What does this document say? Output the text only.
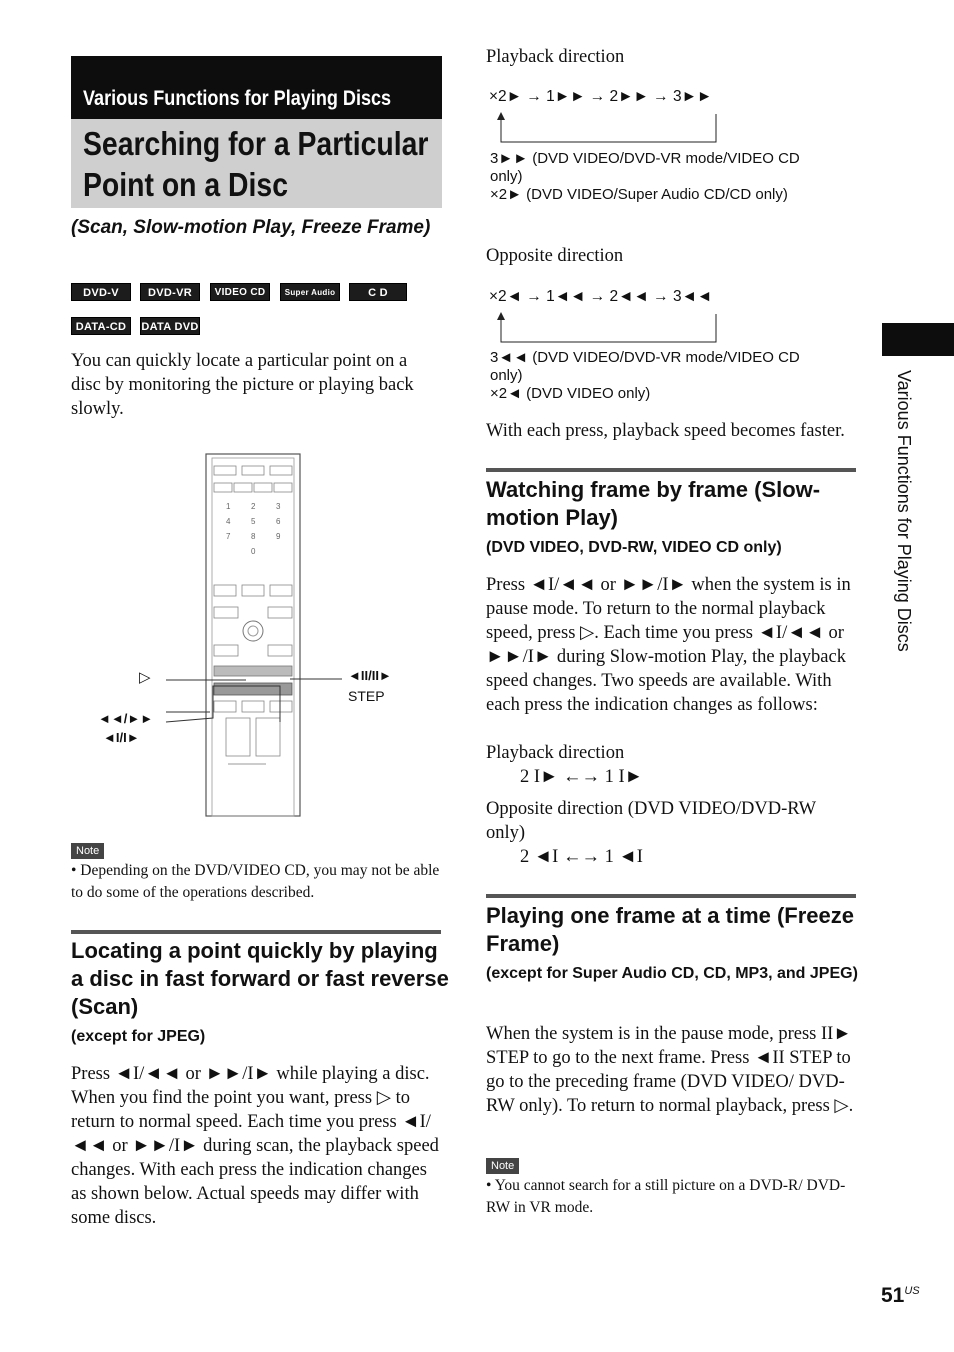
Various Functions for Playing Discs
Searching for a Particular Point on a Disc
(Scan, Slow-motion Play, Freeze Frame)
DVD-V	DVD-VR	VIDEO CD	Super Audio CD
C D
DATA-CD	DATA DVD
You can quickly locate a particular point on a disc by monitoring the picture or playing back slowly.
1	2	3
4	5	6
7	8	9
0
▷	◄II/II►
STEP
◄◄/►►
◄I/I►
Note
• Depending on the DVD/VIDEO CD, you may not be able to do some of the operations described.
Locating a point quickly by playing a disc in fast forward or fast reverse (Scan)
(except for JPEG)
Press ◄I/◄◄ or ►►/I► while playing a disc. When you find the point you want, press ▷ to return to normal speed. Each time you press ◄I/◄◄ or ►►/I► during scan, the playback speed changes. With each press the indication changes as shown below. Actual speeds may differ with some discs.
Playback direction
×2► → 1►► → 2►► → 3►►
3►► (DVD VIDEO/DVD-VR mode/VIDEO CD only)
×2► (DVD VIDEO/Super Audio CD/CD only)
Opposite direction
×2◄ → 1◄◄ → 2◄◄ → 3◄◄
3◄◄ (DVD VIDEO/DVD-VR mode/VIDEO CD only)
×2◄ (DVD VIDEO only)
With each press, playback speed becomes faster.
Watching frame by frame (Slow-motion Play)
(DVD VIDEO, DVD-RW, VIDEO CD only)
Press ◄I/◄◄ or ►►/I► when the system is in pause mode. To return to the normal playback speed, press ▷. Each time you press ◄I/◄◄ or ►►/I► during Slow-motion Play, the playback speed changes. Two speeds are available. With each press the indication changes as follows:
Playback direction
2 I► ←→ 1 I►
Opposite direction (DVD VIDEO/DVD-RW only)
2 ◄I ←→ 1 ◄I
Playing one frame at a time (Freeze Frame)
(except for Super Audio CD, CD, MP3, and JPEG)
When the system is in the pause mode, press II► STEP to go to the next frame. Press ◄II STEP to go to the preceding frame (DVD VIDEO/ DVD-RW only). To return to normal playback, press ▷.
Note
• You cannot search for a still picture on a DVD-R/ DVD-RW in VR mode.
Various Functions for Playing Discs
$51^{US}$
